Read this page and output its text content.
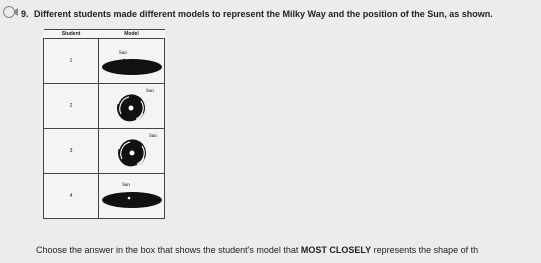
9. Different students made different models to represent the Milky Way and the position of the Sun, as shown.
Student	Model
1	Sun

2	Sun

3	Sun

4	Sun
Choose the answer in the box that shows the student's model that MOST CLOSELY represents the shape of th
